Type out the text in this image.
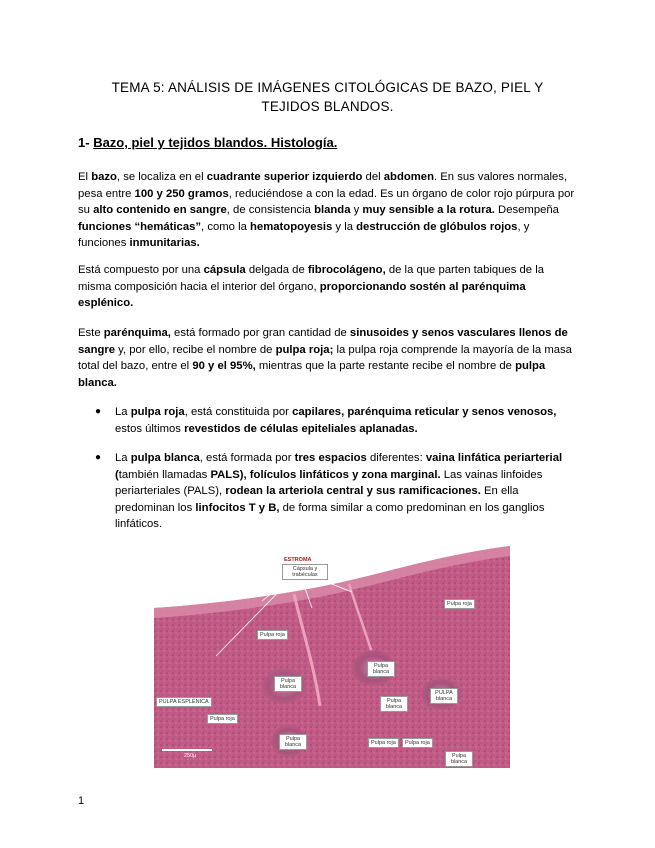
TEMA 5: ANÁLISIS DE IMÁGENES CITOLÓGICAS DE BAZO, PIEL Y
TEJIDOS BLANDOS.
1- Bazo, piel y tejidos blandos. Histología.

El bazo, se localiza en el cuadrante superior izquierdo del abdomen. En sus valores normales, pesa entre 100 y 250 gramos, reduciéndose a con la edad. Es un órgano de color rojo púrpura por su alto contenido en sangre, de consistencia blanda y muy sensible a la rotura. Desempeña funciones “hemáticas”, como la hematopoyesis y la destrucción de glóbulos rojos, y funciones inmunitarias.

Está compuesto por una cápsula delgada de fibrocolágeno, de la que parten tabiques de la misma composición hacia el interior del órgano, proporcionando sostén al parénquima esplénico.

Este parénquima, está formado por gran cantidad de sinusoides y senos vasculares llenos de sangre y, por ello, recibe el nombre de pulpa roja; la pulpa roja comprende la mayoría de la masa total del bazo, entre el 90 y el 95%, mientras que la parte restante recibe el nombre de pulpa blanca.

● La pulpa roja, está constituida por capilares, parénquima reticular y senos venosos, estos últimos revestidos de células epiteliales aplanadas.
● La pulpa blanca, está formada por tres espacios diferentes: vaina linfática periarterial (también llamadas PALS), folículos linfáticos y zona marginal. Las vainas linfoides periarteriales (PALS), rodean la arteriola central y sus ramificaciones. En ella predominan los linfocitos T y B, de forma similar a como predominan en los ganglios linfáticos.
ESTROMA
Cápsula y trabéculas
Pulpa roja
Pulpa roja
PULPA ESPLÉNICA
Pulpa roja
Pulpa roja	Pulpa roja
Pulpa blanca
Pulpa blanca
Pulpa blanca
Pulpa blanca
PULPA blanca
Pulpa blanca
250µ
1
